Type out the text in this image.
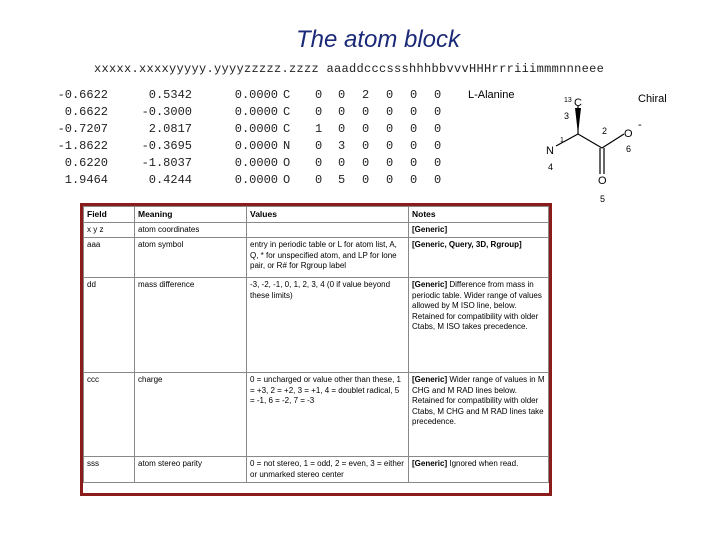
The atom block
xxxxx.xxxxyyyyy.yyyyzzzzz.zzzz aaaddcccssshhhbbvvvHHHrrriiimmmnnneee
-0.6622	0.5342	0.0000 C 0 0 2 0 0 0
0.6622	-0.3000	0.0000 C 0 0 0 0 0 0
-0.7207	2.0817	0.0000 C 1 0 0 0 0 0
-1.8622	-0.3695	0.0000 N 0 3 0 0 0 0
0.6220	-1.8037	0.0000 O 0 0 0 0 0 0
1.9464	0.4244	0.0000 O 0 5 0 0 0 0
L-Alanine	Chiral
C
N
O
O
-
13
3
1
2
4
6
5
Field	Meaning	Values	Notes
x y z	atom coordinates		[Generic]
aaa	atom symbol	entry in periodic table or L for atom list, A, Q, * for unspecified atom, and LP for lone pair, or R# for Rgroup label	[Generic, Query, 3D, Rgroup]
dd	mass difference	-3, -2, -1, 0, 1, 2, 3, 4 (0 if value beyond these limits)	[Generic] Difference from mass in periodic table. Wider range of values allowed by M ISO line, below. Retained for compatibility with older Ctabs, M ISO takes precedence.
ccc	charge	0 = uncharged or value other than these, 1 = +3, 2 = +2, 3 = +1, 4 = doublet radical, 5 = -1, 6 = -2, 7 = -3	[Generic] Wider range of values in M CHG and M RAD lines below. Retained for compatibility with older Ctabs, M CHG and M RAD lines take precedence.
sss	atom stereo parity	0 = not stereo, 1 = odd, 2 = even, 3 = either or unmarked stereo center	[Generic] Ignored when read.
